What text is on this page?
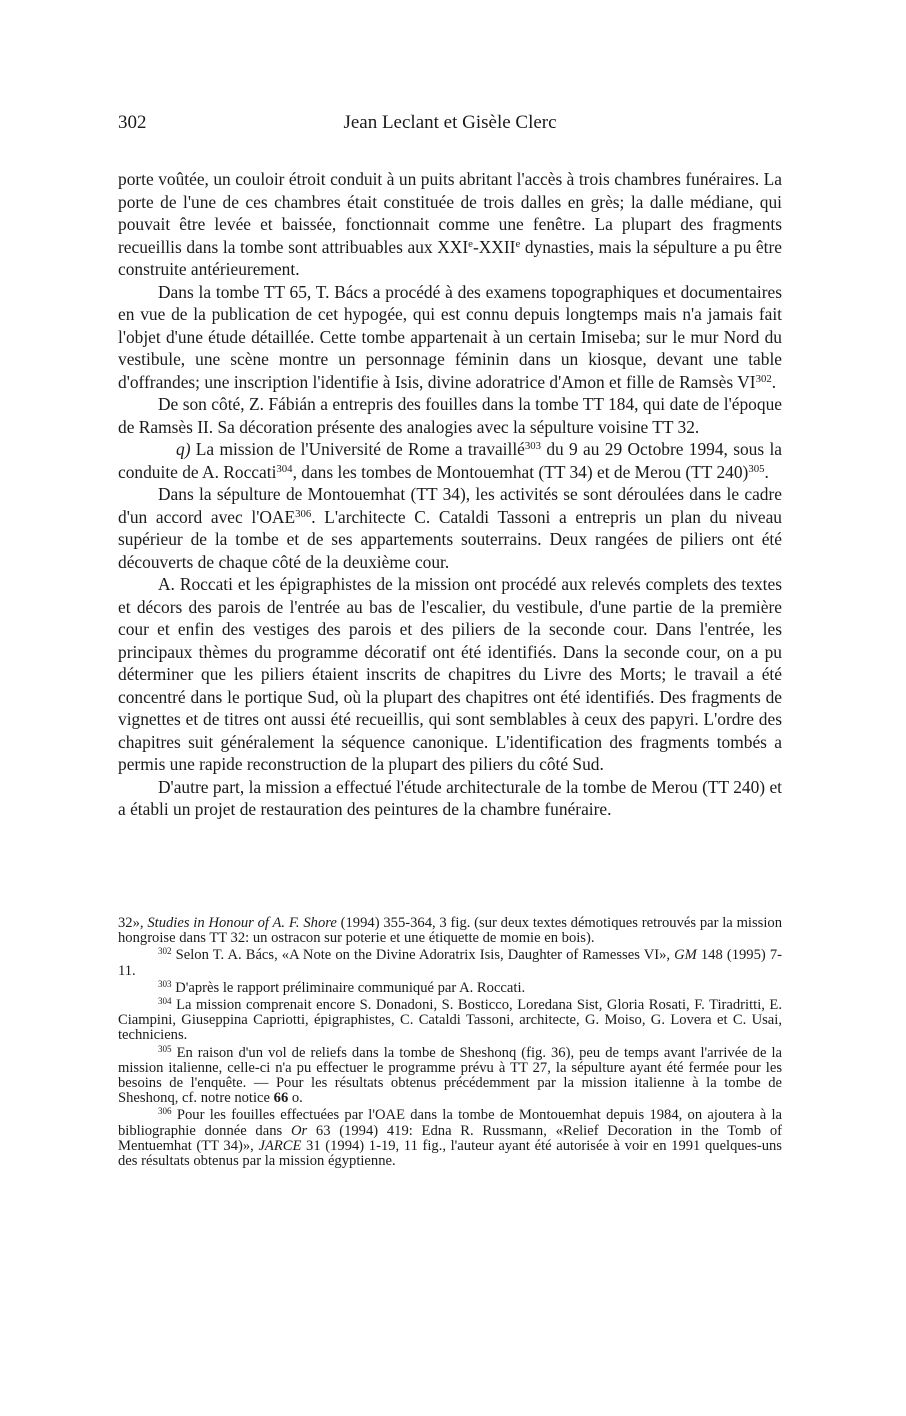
302	Jean Leclant et Gisèle Clerc

porte voûtée, un couloir étroit conduit à un puits abritant l'accès à trois chambres funéraires. La porte de l'une de ces chambres était constituée de trois dalles en grès; la dalle médiane, qui pouvait être levée et baissée, fonctionnait comme une fenêtre. La plupart des fragments recueillis dans la tombe sont attribuables aux XXIe-XXIIe dynasties, mais la sépulture a pu être construite antérieurement.

Dans la tombe TT 65, T. Bács a procédé à des examens topographiques et documentaires en vue de la publication de cet hypogée, qui est connu depuis longtemps mais n'a jamais fait l'objet d'une étude détaillée. Cette tombe appartenait à un certain Imiseba; sur le mur Nord du vestibule, une scène montre un personnage féminin dans un kiosque, devant une table d'offrandes; une inscription l'identifie à Isis, divine adoratrice d'Amon et fille de Ramsès VI$^{302}$.

De son côté, Z. Fábián a entrepris des fouilles dans la tombe TT 184, qui date de l'époque de Ramsès II. Sa décoration présente des analogies avec la sépulture voisine TT 32.

q) La mission de l'Université de Rome a travaillé$^{303}$ du 9 au 29 Octobre 1994, sous la conduite de A. Roccati$^{304}$, dans les tombes de Montouemhat (TT 34) et de Merou (TT 240)$^{305}$.

Dans la sépulture de Montouemhat (TT 34), les activités se sont déroulées dans le cadre d'un accord avec l'OAE$^{306}$. L'architecte C. Cataldi Tassoni a entrepris un plan du niveau supérieur de la tombe et de ses appartements souterrains. Deux rangées de piliers ont été découverts de chaque côté de la deuxième cour.

A. Roccati et les épigraphistes de la mission ont procédé aux relevés complets des textes et décors des parois de l'entrée au bas de l'escalier, du vestibule, d'une partie de la première cour et enfin des vestiges des parois et des piliers de la seconde cour. Dans l'entrée, les principaux thèmes du programme décoratif ont été identifiés. Dans la seconde cour, on a pu déterminer que les piliers étaient inscrits de chapitres du Livre des Morts; le travail a été concentré dans le portique Sud, où la plupart des chapitres ont été identifiés. Des fragments de vignettes et de titres ont aussi été recueillis, qui sont semblables à ceux des papyri. L'ordre des chapitres suit généralement la séquence canonique. L'identification des fragments tombés a permis une rapide reconstruction de la plupart des piliers du côté Sud.

D'autre part, la mission a effectué l'étude architecturale de la tombe de Merou (TT 240) et a établi un projet de restauration des peintures de la chambre funéraire.

32», Studies in Honour of A. F. Shore (1994) 355-364, 3 fig. (sur deux textes démotiques retrouvés par la mission hongroise dans TT 32: un ostracon sur poterie et une étiquette de momie en bois).

$^{302}$ Selon T. A. Bács, «A Note on the Divine Adoratrix Isis, Daughter of Ramesses VI», GM 148 (1995) 7-11.

$^{303}$ D'après le rapport préliminaire communiqué par A. Roccati.

$^{304}$ La mission comprenait encore S. Donadoni, S. Bosticco, Loredana Sist, Gloria Rosati, F. Tiradritti, E. Ciampini, Giuseppina Capriotti, épigraphistes, C. Cataldi Tassoni, architecte, G. Moiso, G. Lovera et C. Usai, techniciens.

$^{305}$ En raison d'un vol de reliefs dans la tombe de Sheshonq (fig. 36), peu de temps avant l'arrivée de la mission italienne, celle-ci n'a pu effectuer le programme prévu à TT 27, la sépulture ayant été fermée pour les besoins de l'enquête. — Pour les résultats obtenus précédemment par la mission italienne à la tombe de Sheshonq, cf. notre notice 66 o.

$^{306}$ Pour les fouilles effectuées par l'OAE dans la tombe de Montouemhat depuis 1984, on ajoutera à la bibliographie donnée dans Or 63 (1994) 419: Edna R. Russmann, «Relief Decoration in the Tomb of Mentuemhat (TT 34)», JARCE 31 (1994) 1-19, 11 fig., l'auteur ayant été autorisée à voir en 1991 quelques-uns des résultats obtenus par la mission égyptienne.
